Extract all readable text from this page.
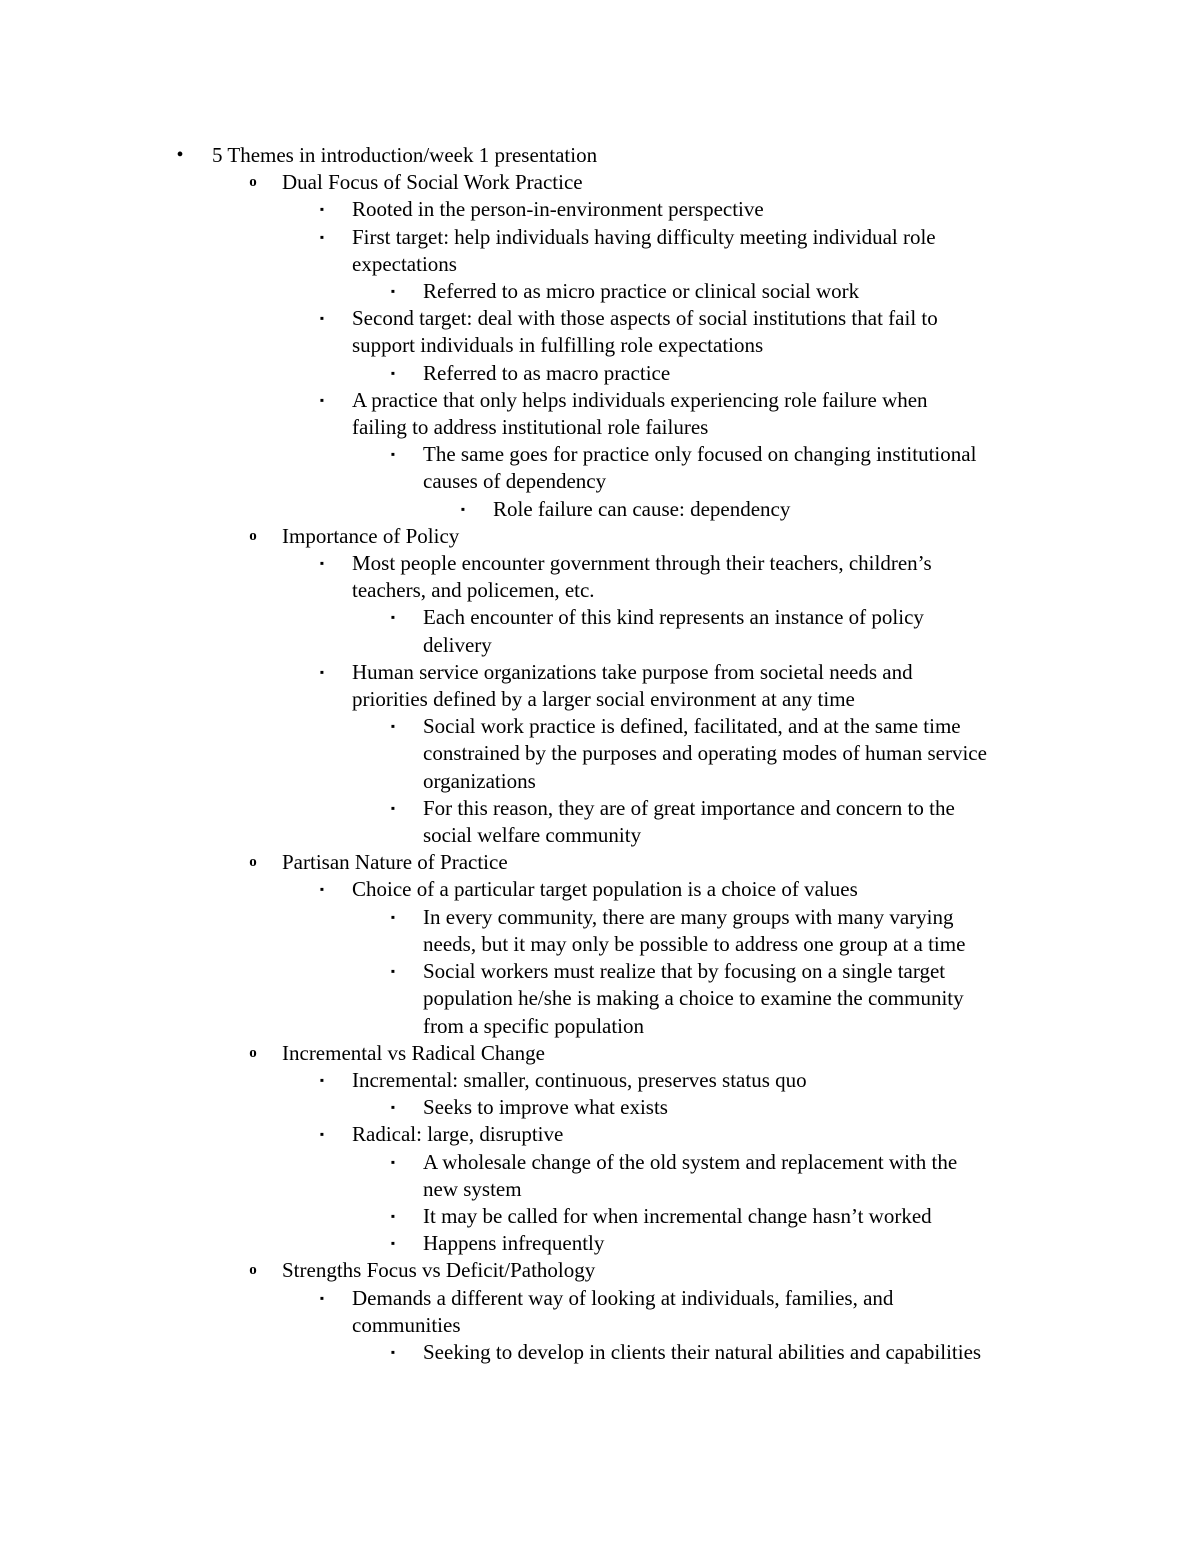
•	5 Themes in introduction/week 1 presentation
o Dual Focus of Social Work Practice
▪	Rooted in the person-in-environment perspective
▪	First target: help individuals having difficulty meeting individual role
expectations
▪	Referred to as micro practice or clinical social work
▪	Second target: deal with those aspects of social institutions that fail to
support individuals in fulfilling role expectations
▪	Referred to as macro practice
▪	A practice that only helps individuals experiencing role failure when
failing to address institutional role failures
▪	The same goes for practice only focused on changing institutional
causes of dependency
▪	Role failure can cause: dependency
o Importance of Policy
▪	Most people encounter government through their teachers, children’s
teachers, and policemen, etc.
▪	Each encounter of this kind represents an instance of policy
delivery
▪	Human service organizations take purpose from societal needs and
priorities defined by a larger social environment at any time
▪	Social work practice is defined, facilitated, and at the same time
constrained by the purposes and operating modes of human service
organizations
▪	For this reason, they are of great importance and concern to the
social welfare community
o Partisan Nature of Practice
▪	Choice of a particular target population is a choice of values
▪	In every community, there are many groups with many varying
needs, but it may only be possible to address one group at a time
▪	Social workers must realize that by focusing on a single target
population he/she is making a choice to examine the community
from a specific population
o Incremental vs Radical Change
▪	Incremental: smaller, continuous, preserves status quo
▪	Seeks to improve what exists
▪	Radical: large, disruptive
▪	A wholesale change of the old system and replacement with the
new system
▪	It may be called for when incremental change hasn’t worked
▪	Happens infrequently
o Strengths Focus vs Deficit/Pathology
▪	Demands a different way of looking at individuals, families, and
communities
▪	Seeking to develop in clients their natural abilities and capabilities
